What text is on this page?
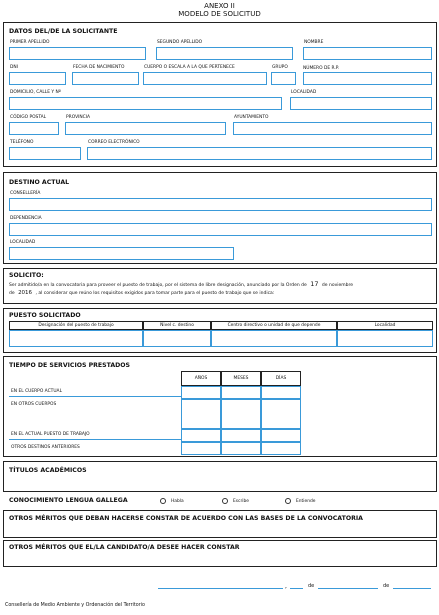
ANEXO II
MODELO DE SOLICITUD
DATOS DEL/DE LA SOLICITANTE
PRIMER APELLIDO	SEGUNDO APELLIDO	NOMBRE
DNI	FECHA DE NACIMIENTO	CUERPO O ESCALA A LA QUE PERTENECE	GRUPO	NÚMERO DE R.P.
DOMICILIO, CALLE Y Nº	LOCALIDAD
CÓDIGO POSTAL	PROVINCIA	AYUNTAMIENTO
TELÉFONO	CORREO ELECTRÓNICO
DESTINO ACTUAL
CONSELLERÍA
DEPENDENCIA
LOCALIDAD
SOLICITO:
Ser admitido/a en la convocatoria para proveer el puesto de trabajo, por el sistema de libre designación, anunciado por la Orden de 17 de noviembre
de 2016 , al considerar que reúno los requisitos exigidos para tomar parte para el puesto de trabajo que se indica:
PUESTO SOLICITADO
Designación del puesto de trabajo	Nivel c. destino	Centro directivo o unidad de que depende	Localidad
TIEMPO DE SERVICIOS PRESTADOS
AÑOS	MESES	DÍAS
EN EL CUERPO ACTUAL
EN OTROS CUERPOS
EN EL ACTUAL PUESTO DE TRABAJO
OTROS DESTINOS ANTERIORES
TÍTULOS ACADÉMICOS
CONOCIMIENTO LENGUA GALLEGA	Habla	Escribe	Entiende
OTROS MÉRITOS QUE DEBAN HACERSE CONSTAR DE ACUERDO CON LAS BASES DE LA CONVOCATORIA
OTROS MÉRITOS QUE EL/LA CANDIDATO/A DESEE HACER CONSTAR
,	de	de
Consellería de Medio Ambiente y Ordenación del Territorio
